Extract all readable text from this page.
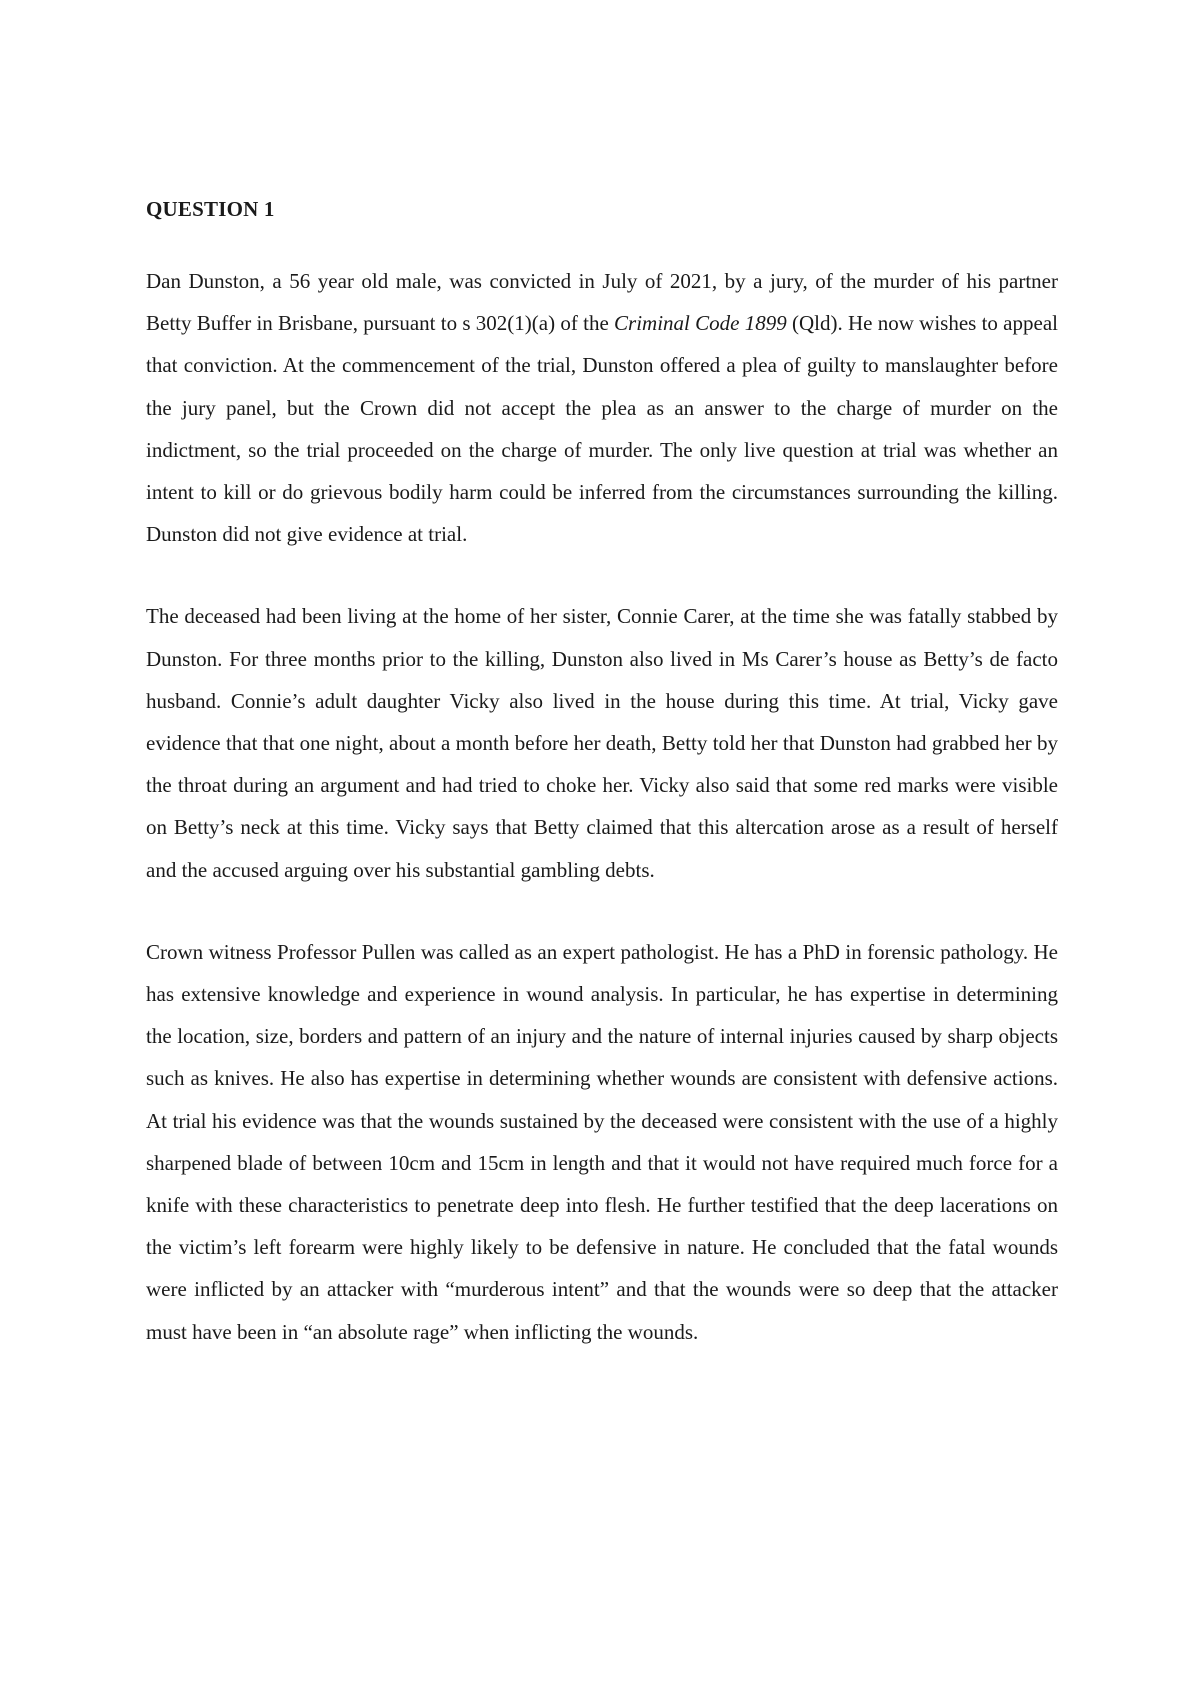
QUESTION 1

Dan Dunston, a 56 year old male, was convicted in July of 2021, by a jury, of the murder of his partner Betty Buffer in Brisbane, pursuant to s 302(1)(a) of the Criminal Code 1899 (Qld). He now wishes to appeal that conviction. At the commencement of the trial, Dunston offered a plea of guilty to manslaughter before the jury panel, but the Crown did not accept the plea as an answer to the charge of murder on the indictment, so the trial proceeded on the charge of murder. The only live question at trial was whether an intent to kill or do grievous bodily harm could be inferred from the circumstances surrounding the killing. Dunston did not give evidence at trial.

The deceased had been living at the home of her sister, Connie Carer, at the time she was fatally stabbed by Dunston. For three months prior to the killing, Dunston also lived in Ms Carer’s house as Betty’s de facto husband. Connie’s adult daughter Vicky also lived in the house during this time. At trial, Vicky gave evidence that that one night, about a month before her death, Betty told her that Dunston had grabbed her by the throat during an argument and had tried to choke her. Vicky also said that some red marks were visible on Betty’s neck at this time. Vicky says that Betty claimed that this altercation arose as a result of herself and the accused arguing over his substantial gambling debts.

Crown witness Professor Pullen was called as an expert pathologist. He has a PhD in forensic pathology. He has extensive knowledge and experience in wound analysis. In particular, he has expertise in determining the location, size, borders and pattern of an injury and the nature of internal injuries caused by sharp objects such as knives. He also has expertise in determining whether wounds are consistent with defensive actions. At trial his evidence was that the wounds sustained by the deceased were consistent with the use of a highly sharpened blade of between 10cm and 15cm in length and that it would not have required much force for a knife with these characteristics to penetrate deep into flesh. He further testified that the deep lacerations on the victim’s left forearm were highly likely to be defensive in nature. He concluded that the fatal wounds were inflicted by an attacker with “murderous intent” and that the wounds were so deep that the attacker must have been in “an absolute rage” when inflicting the wounds.
